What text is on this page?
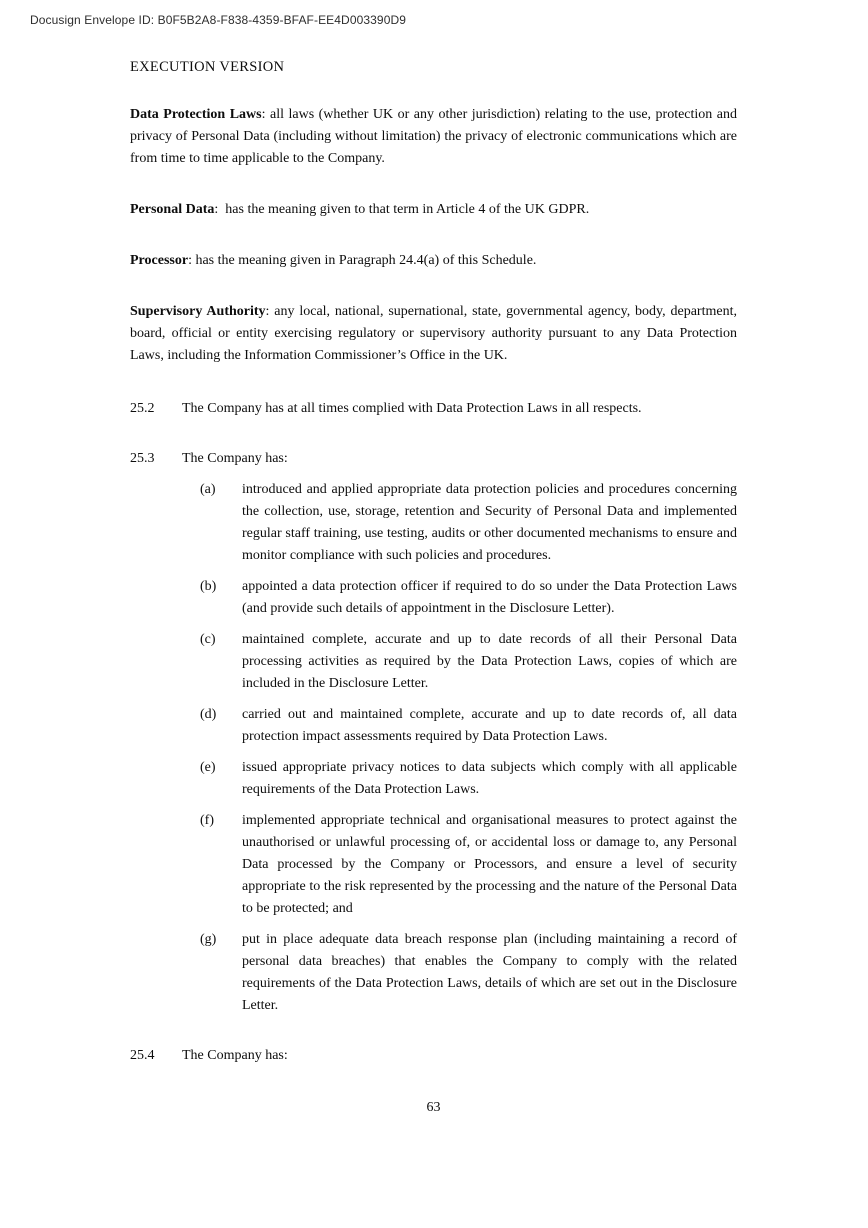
Docusign Envelope ID: B0F5B2A8-F838-4359-BFAF-EE4D003390D9
EXECUTION VERSION

Data Protection Laws: all laws (whether UK or any other jurisdiction) relating to the use, protection and privacy of Personal Data (including without limitation) the privacy of electronic communications which are from time to time applicable to the Company.

Personal Data:  has the meaning given to that term in Article 4 of the UK GDPR.

Processor: has the meaning given in Paragraph 24.4(a) of this Schedule.

Supervisory Authority: any local, national, supernational, state, governmental agency, body, department, board, official or entity exercising regulatory or supervisory authority pursuant to any Data Protection Laws, including the Information Commissioner’s Office in the UK.

25.2	The Company has at all times complied with Data Protection Laws in all respects.
25.3	The Company has:
(a)	introduced and applied appropriate data protection policies and procedures concerning the collection, use, storage, retention and Security of Personal Data and implemented regular staff training, use testing, audits or other documented mechanisms to ensure and monitor compliance with such policies and procedures.
(b)	appointed a data protection officer if required to do so under the Data Protection Laws (and provide such details of appointment in the Disclosure Letter).
(c)	maintained complete, accurate and up to date records of all their Personal Data processing activities as required by the Data Protection Laws, copies of which are included in the Disclosure Letter.
(d)	carried out and maintained complete, accurate and up to date records of, all data protection impact assessments required by Data Protection Laws.
(e)	issued appropriate privacy notices to data subjects which comply with all applicable requirements of the Data Protection Laws.
(f)	implemented appropriate technical and organisational measures to protect against the unauthorised or unlawful processing of, or accidental loss or damage to, any Personal Data processed by the Company or Processors, and ensure a level of security appropriate to the risk represented by the processing and the nature of the Personal Data to be protected; and
(g)	put in place adequate data breach response plan (including maintaining a record of personal data breaches) that enables the Company to comply with the related requirements of the Data Protection Laws, details of which are set out in the Disclosure Letter.
25.4	The Company has:
63
